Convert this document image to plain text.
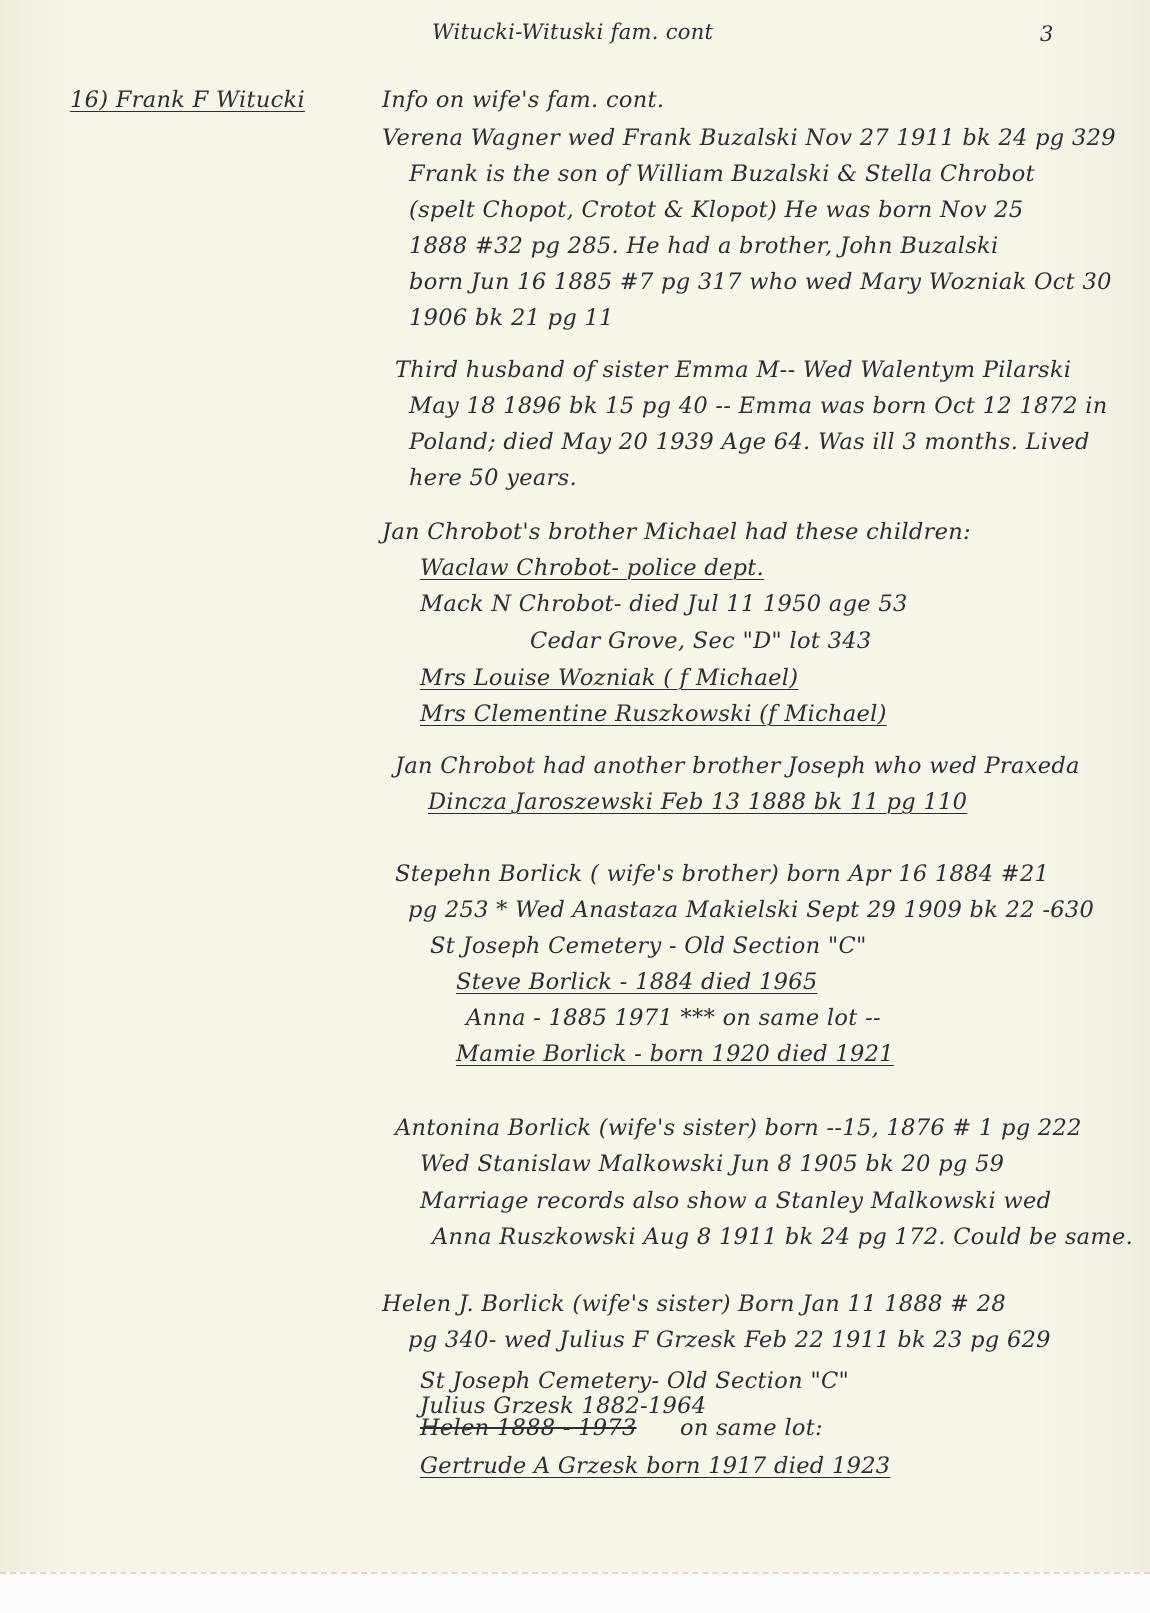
Witucki-Wituski fam. cont	3
16) Frank F Witucki	Info on wife's fam. cont.
Verena Wagner wed Frank Buzalski Nov 27 1911 bk 24 pg 329
Frank is the son of William Buzalski & Stella Chrobot
(spelt Chopot, Crotot & Klopot) He was born Nov 25
1888 #32 pg 285. He had a brother, John Buzalski
born Jun 16 1885 #7 pg 317 who wed Mary Wozniak Oct 30
1906 bk 21 pg 11
Third husband of sister Emma M-- Wed Walentym Pilarski
May 18 1896 bk 15 pg 40 -- Emma was born Oct 12 1872 in
Poland; died May 20 1939 Age 64. Was ill 3 months. Lived
here 50 years.
Jan Chrobot's brother Michael had these children:
Waclaw Chrobot- police dept.
Mack N Chrobot- died Jul 11 1950 age 53
Cedar Grove, Sec "D" lot 343
Mrs Louise Wozniak ( f Michael)
Mrs Clementine Ruszkowski (f Michael)
Jan Chrobot had another brother Joseph who wed Praxeda
Dincza Jaroszewski Feb 13 1888 bk 11 pg 110
Stepehn Borlick ( wife's brother) born Apr 16 1884 #21
pg 253 * Wed Anastaza Makielski Sept 29 1909 bk 22 -630
St Joseph Cemetery - Old Section "C"
Steve Borlick - 1884 died 1965
Anna - 1885 1971 *** on same lot --
Mamie Borlick - born 1920 died 1921
Antonina Borlick (wife's sister) born --15, 1876 # 1 pg 222
Wed Stanislaw Malkowski Jun 8 1905 bk 20 pg 59
Marriage records also show a Stanley Malkowski wed
Anna Ruszkowski Aug 8 1911 bk 24 pg 172. Could be same.
Helen J. Borlick (wife's sister) Born Jan 11 1888 # 28
pg 340- wed Julius F Grzesk Feb 22 1911 bk 23 pg 629
St Joseph Cemetery- Old Section "C"
Julius Grzesk 1882-1964
Helen 1888 - 1973 on same lot:
Gertrude A Grzesk born 1917 died 1923
